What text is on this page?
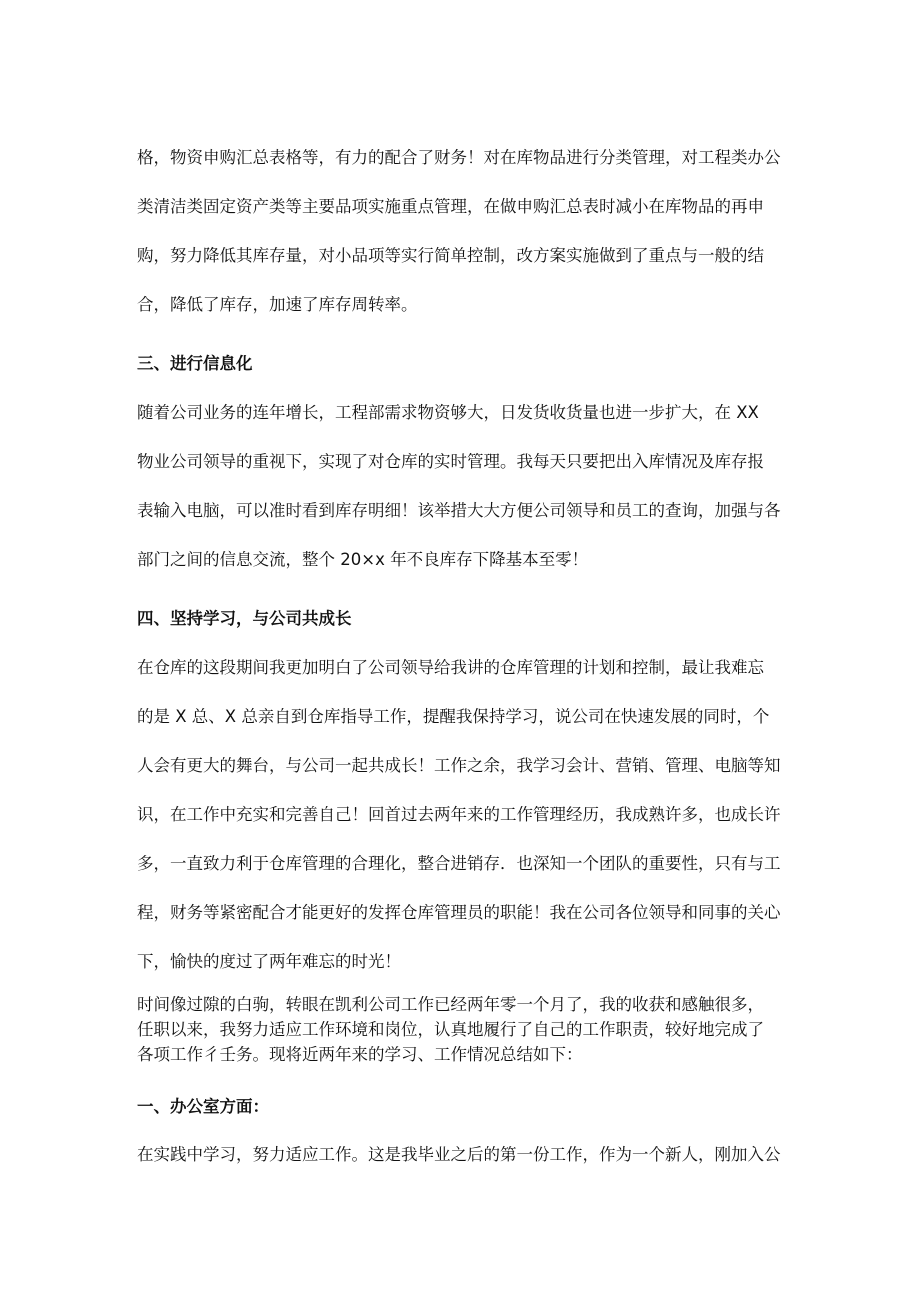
格，物资申购汇总表格等，有力的配合了财务！对在库物品进行分类管理，对工程类办公
类清洁类固定资产类等主要品项实施重点管理，在做申购汇总表时减小在库物品的再申
购，努力降低其库存量，对小品项等实行简单控制，改方案实施做到了重点与一般的结
合，降低了库存，加速了库存周转率。
三、进行信息化
随着公司业务的连年增长，工程部需求物资够大，日发货收货量也进一步扩大，在 XX
物业公司领导的重视下，实现了对仓库的实时管理。我每天只要把出入库情况及库存报
表输入电脑，可以准时看到库存明细！该举措大大方便公司领导和员工的查询，加强与各
部门之间的信息交流，整个 20×x 年不良库存下降基本至零！
四、坚持学习，与公司共成长
在仓库的这段期间我更加明白了公司领导给我讲的仓库管理的计划和控制，最让我难忘
的是 X 总、X 总亲自到仓库指导工作，提醒我保持学习，说公司在快速发展的同时，个
人会有更大的舞台，与公司一起共成长！工作之余，我学习会计、营销、管理、电脑等知
识，在工作中充实和完善自己！回首过去两年来的工作管理经历，我成熟许多，也成长许
多，一直致力利于仓库管理的合理化，整合进销存．也深知一个团队的重要性，只有与工
程，财务等紧密配合才能更好的发挥仓库管理员的职能！我在公司各位领导和同事的关心
下，愉快的度过了两年难忘的时光！
时间像过隙的白驹，转眼在凯利公司工作已经两年零一个月了，我的收获和感触很多，
任职以来，我努力适应工作环境和岗位，认真地履行了自己的工作职责，较好地完成了
各项工作彳壬务。现将近两年来的学习、工作情况总结如下：
一、办公室方面：
在实践中学习，努力适应工作。这是我毕业之后的第一份工作，作为一个新人，刚加入公
